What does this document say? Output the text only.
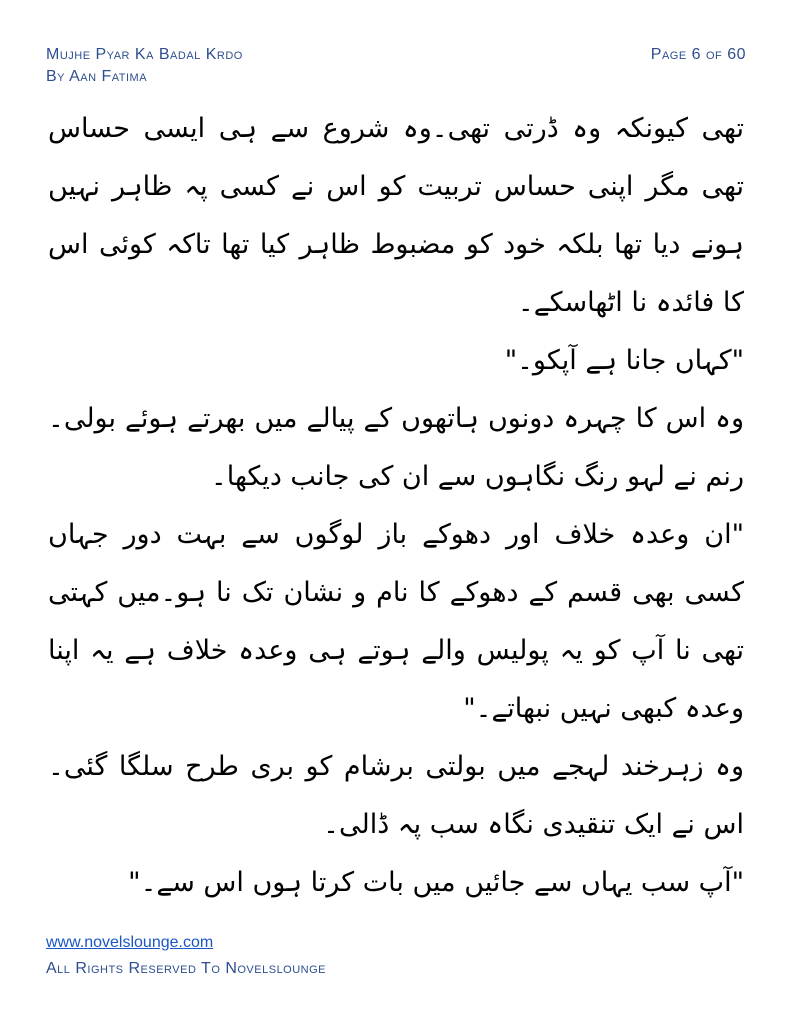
Mujhe Pyar Ka Badal Krdo
By Aan Fatima
Page 6 of 60

تھی کیونکہ وہ ڈرتی تھی۔وہ شروع سے ہی ایسی حساس تھی مگر اپنی حساس تربیت کو اس نے کسی پہ ظاہر نہیں ہونے دیا تھا بلکہ خود کو مضبوط ظاہر کیا تھا تاکہ کوئی اس کا فائدہ نا اٹھاسکے۔

"کہاں جانا ہے آپکو۔"

وہ اس کا چہرہ دونوں ہاتھوں کے پیالے میں بھرتے ہوئے بولی۔رنم نے لہو رنگ نگاہوں سے ان کی جانب دیکھا۔

"ان وعدہ خلاف اور دھوکے باز لوگوں سے بہت دور جہاں کسی بھی قسم کے دھوکے کا نام و نشان تک نا ہو۔میں کہتی تھی نا آپ کو یہ پولیس والے ہوتے ہی وعدہ خلاف ہے یہ اپنا وعدہ کبھی نہیں نبھاتے۔"

وہ زہرخند لہجے میں بولتی برشام کو بری طرح سلگا گئی۔اس نے ایک تنقیدی نگاہ سب پہ ڈالی۔

"آپ سب یہاں سے جائیں میں بات کرتا ہوں اس سے۔"

www.novelslounge.com
All Rights Reserved To Novelslounge
